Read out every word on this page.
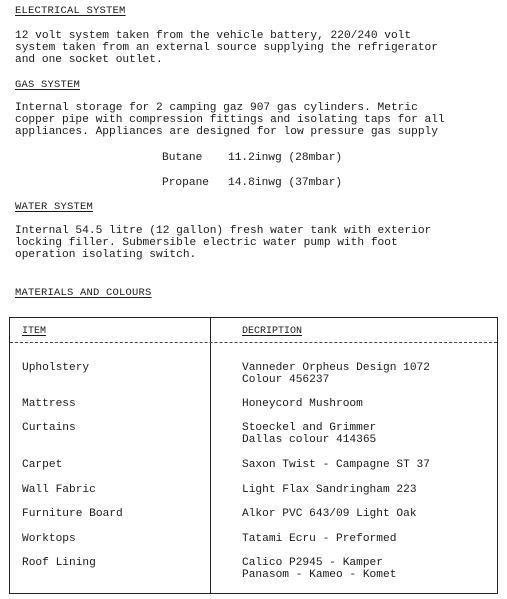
ELECTRICAL SYSTEM

12 volt system taken from the vehicle battery, 220/240 volt
system taken from an external source supplying the refrigerator
and one socket outlet.

GAS SYSTEM

Internal storage for 2 camping gaz 907 gas cylinders. Metric
copper pipe with compression fittings and isolating taps for all
appliances. Appliances are designed for low pressure gas supply

Butane 11.2inwg (28mbar)
Propane 14.8inwg (37mbar)
WATER SYSTEM

Internal 54.5 litre (12 gallon) fresh water tank with exterior
locking filler. Submersible electric water pump with foot
operation isolating switch.

MATERIALS AND COLOURS
ITEM	DECRIPTION
Upholstery	Vanneder Orpheus Design 1072
Colour 456237
Mattress	Honeycord Mushroom
Curtains	Stoeckel and Grimmer
Dallas colour 414365
Carpet	Saxon Twist - Campagne ST 37
Wall Fabric	Light Flax Sandringham 223
Furniture Board	Alkor PVC 643/09 Light Oak
Worktops	Tatami Ecru - Preformed
Roof Lining	Calico P2945 - Kamper
Panasom - Kameo - Komet
